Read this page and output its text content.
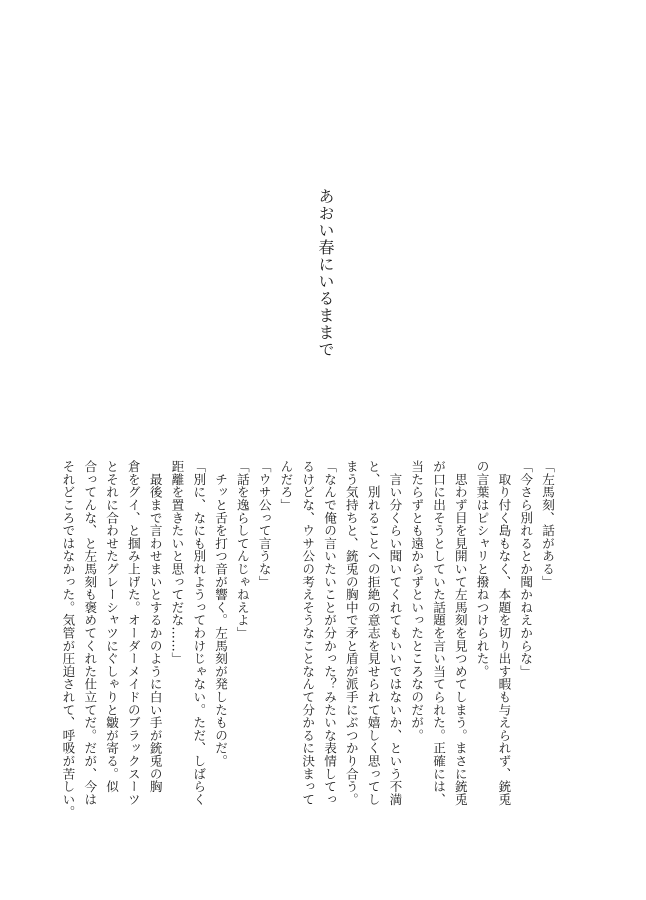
あおい春にいるままで
「左馬刻、話がある」
「今さら別れるとか聞かねえからな」
　取り付く島もなく、本題を切り出す暇も与えられず、銃兎
の言葉はピシャリと撥ねつけられた。
　思わず目を見開いて左馬刻を見つめてしまう。まさに銃兎
が口に出そうとしていた話題を言い当てられた。正確には、
当たらずとも遠からずといったところなのだが。
　言い分くらい聞いてくれてもいいではないか、という不満
と、別れることへの拒絶の意志を見せられて嬉しく思ってし
まう気持ちと、銃兎の胸中で矛と盾が派手にぶつかり合う。
「なんで俺の言いたいことが分かった？みたいな表情してっ
るけどな、ウサ公の考えそうなことなんて分かるに決まって
んだろ」
「ウサ公って言うな」
「話を逸らしてんじゃねえよ」
　チッと舌を打つ音が響く。左馬刻が発したものだ。
「別に、なにも別れようってわけじゃない。ただ、しばらく
距離を置きたいと思ってだな……」
　最後まで言わせまいとするかのように白い手が銃兎の胸
倉をグイ、と掴み上げた。オーダーメイドのブラックスーツ
とそれに合わせたグレーシャツにぐしゃりと皺が寄る。似
合ってんな、と左馬刻も褒めてくれた仕立てだ。だが、今は
それどころではなかった。気管が圧迫されて、呼吸が苦しい。
